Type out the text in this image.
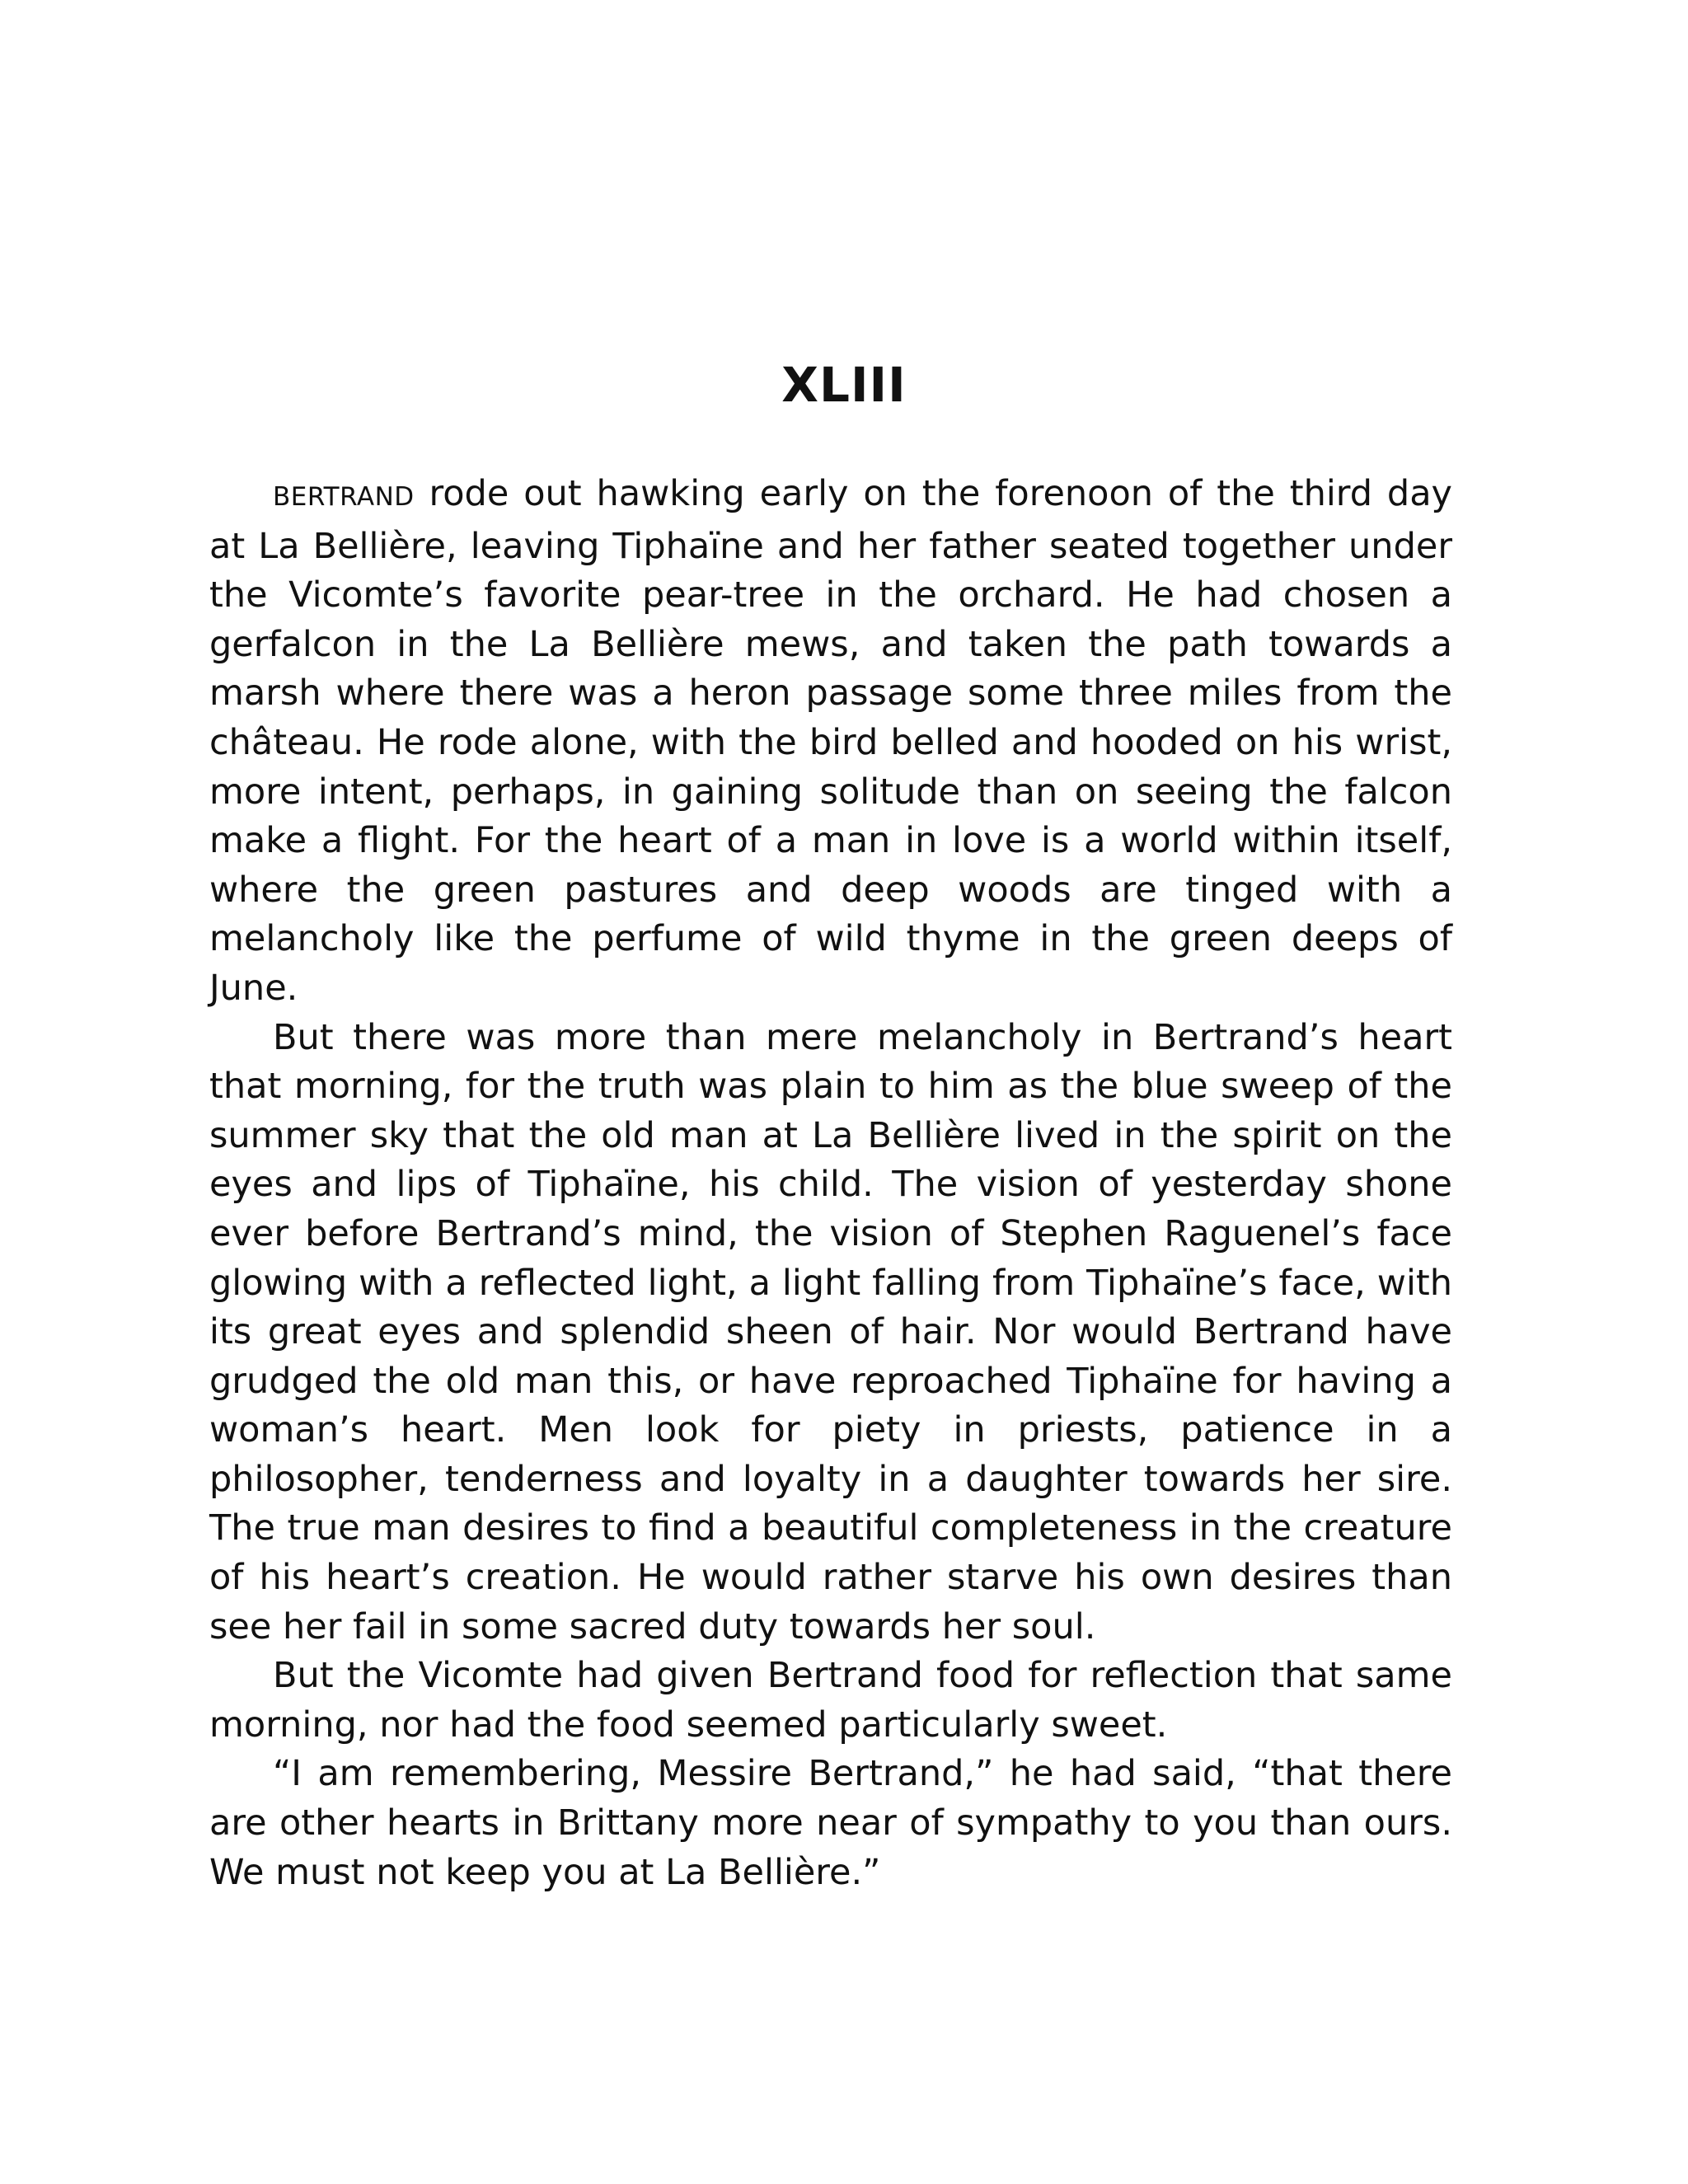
XLIII

BERTRAND rode out hawking early on the forenoon of the third day at La Bellière, leaving Tiphaïne and her father seated together under the Vicomte’s favorite pear-tree in the orchard. He had chosen a gerfalcon in the La Bellière mews, and taken the path towards a marsh where there was a heron passage some three miles from the château. He rode alone, with the bird belled and hooded on his wrist, more intent, perhaps, in gaining solitude than on seeing the falcon make a flight. For the heart of a man in love is a world within itself, where the green pastures and deep woods are tinged with a melancholy like the perfume of wild thyme in the green deeps of June.

But there was more than mere melancholy in Bertrand’s heart that morning, for the truth was plain to him as the blue sweep of the summer sky that the old man at La Bellière lived in the spirit on the eyes and lips of Tiphaïne, his child. The vision of yesterday shone ever before Bertrand’s mind, the vision of Stephen Raguenel’s face glowing with a reflected light, a light falling from Tiphaïne’s face, with its great eyes and splendid sheen of hair. Nor would Bertrand have grudged the old man this, or have reproached Tiphaïne for having a woman’s heart. Men look for piety in priests, patience in a philosopher, tenderness and loyalty in a daughter towards her sire. The true man desires to find a beautiful completeness in the creature of his heart’s creation. He would rather starve his own desires than see her fail in some sacred duty towards her soul.

But the Vicomte had given Bertrand food for reflection that same morning, nor had the food seemed particularly sweet.

“I am remembering, Messire Bertrand,” he had said, “that there are other hearts in Brittany more near of sympathy to you than ours. We must not keep you at La Bellière.”
